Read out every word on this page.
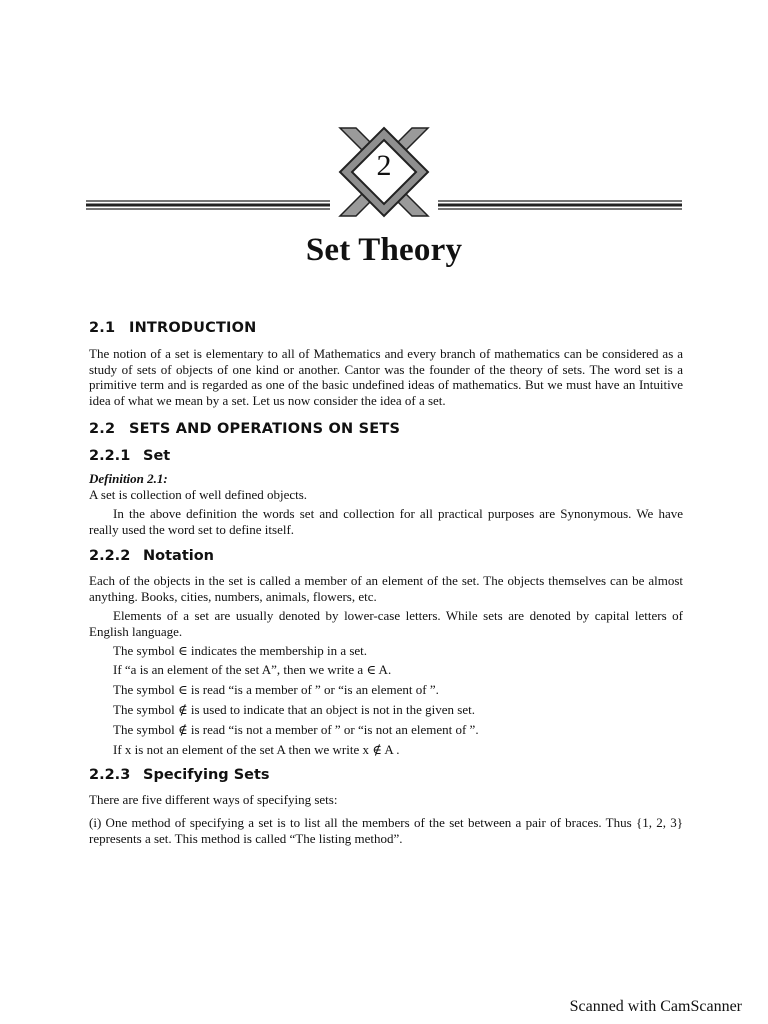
2
Set Theory
2.1 INTRODUCTION

The notion of a set is elementary to all of Mathematics and every branch of mathematics can be considered as a study of sets of objects of one kind or another. Cantor was the founder of the theory of sets. The word set is a primitive term and is regarded as one of the basic undefined ideas of mathematics. But we must have an Intuitive idea of what we mean by a set. Let us now consider the idea of a set.

2.2 SETS AND OPERATIONS ON SETS
2.2.1 Set
Definition 2.1:

A set is collection of well defined objects.

In the above definition the words set and collection for all practical purposes are Synonymous. We have really used the word set to define itself.

2.2.2 Notation

Each of the objects in the set is called a member of an element of the set. The objects themselves can be almost anything. Books, cities, numbers, animals, flowers, etc.

Elements of a set are usually denoted by lower-case letters. While sets are denoted by capital letters of English language.

The symbol ∈ indicates the membership in a set.
If “a is an element of the set A”, then we write a ∈ A.
The symbol ∈ is read “is a member of ” or “is an element of ”.
The symbol ∉ is used to indicate that an object is not in the given set.
The symbol ∉ is read “is not a member of ” or “is not an element of ”.
If x is not an element of the set A then we write x ∉ A .
2.2.3 Specifying Sets

There are five different ways of specifying sets:

(i) One method of specifying a set is to list all the members of the set between a pair of braces. Thus {1, 2, 3} represents a set. This method is called “The listing method”.

Scanned with CamScanner
